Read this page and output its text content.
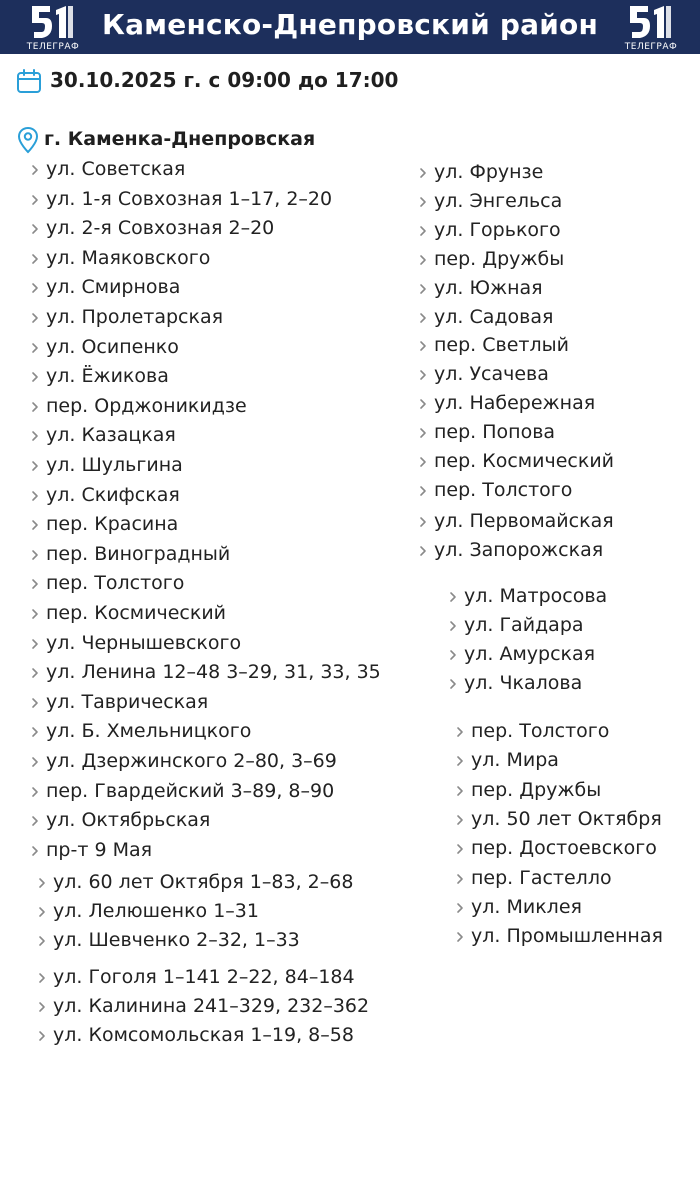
ТЕЛЕГРАФ
Каменско-Днепровский район
ТЕЛЕГРАФ
30.10.2025 г. с 09:00 до 17:00
г. Каменка-Днепровская
ул. Советская
ул. 1-я Совхозная 1–17, 2–20
ул. 2-я Совхозная 2–20
ул. Маяковского
ул. Смирнова
ул. Пролетарская
ул. Осипенко
ул. Ёжикова
пер. Орджоникидзе
ул. Казацкая
ул. Шульгина
ул. Скифская
пер. Красина
пер. Виноградный
пер. Толстого
пер. Космический
ул. Чернышевского
ул. Ленина 12–48 3–29, 31, 33, 35
ул. Таврическая
ул. Б. Хмельницкого
ул. Дзержинского 2–80, 3–69
пер. Гвардейский 3–89, 8–90
ул. Октябрьская
пр-т 9 Мая
ул. 60 лет Октября 1–83, 2–68
ул. Лелюшенко 1–31
ул. Шевченко 2–32, 1–33
ул. Гоголя 1–141 2–22, 84–184
ул. Калинина 241–329, 232–362
ул. Комсомольская 1–19, 8–58
ул. Фрунзе
ул. Энгельса
ул. Горького
пер. Дружбы
ул. Южная
ул. Садовая
пер. Светлый
ул. Усачева
ул. Набережная
пер. Попова
пер. Космический
пер. Толстого
ул. Первомайская
ул. Запорожская
ул. Матросова
ул. Гайдара
ул. Амурская
ул. Чкалова
пер. Толстого
ул. Мира
пер. Дружбы
ул. 50 лет Октября
пер. Достоевского
пер. Гастелло
ул. Миклея
ул. Промышленная
